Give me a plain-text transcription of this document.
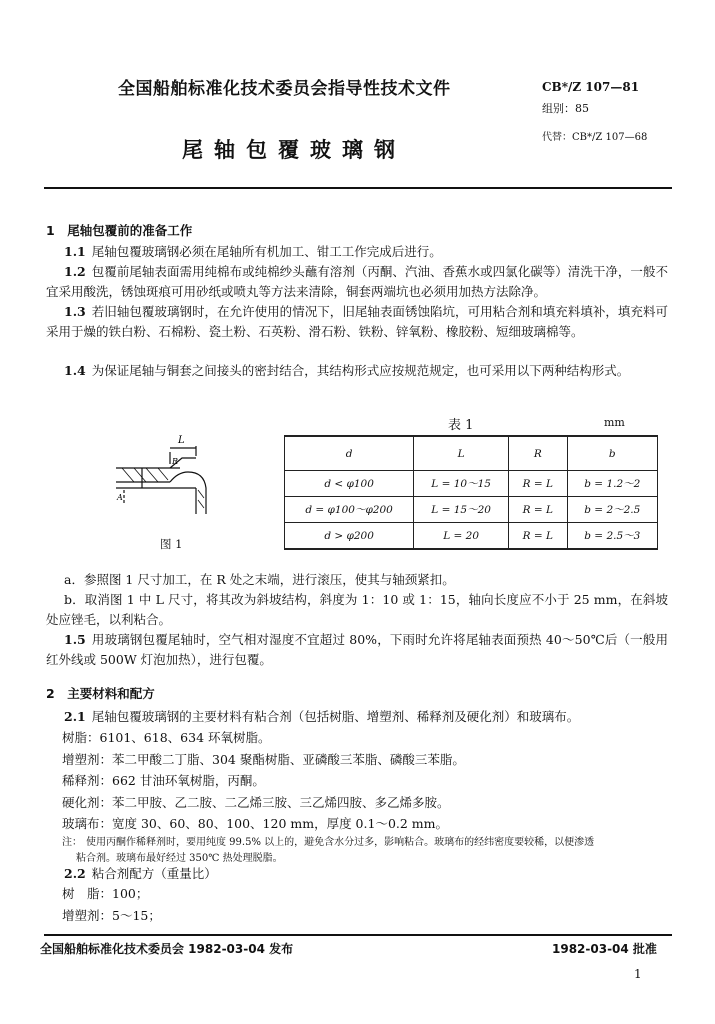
全国船舶标准化技术委员会指导性技术文件	CB*/Z 107—81
组别：85
代替：CB*/Z 107—68
尾轴包覆玻璃钢
1　尾轴包覆前的准备工作
1.1 尾轴包覆玻璃钢必须在尾轴所有机加工、钳工工作完成后进行。
1.2 包覆前尾轴表面需用纯棉布或纯棉纱头蘸有溶剂（丙酮、汽油、香蕉水或四氯化碳等）清洗干净，一般不宜采用酸洗，锈蚀斑痕可用砂纸或喷丸等方法来清除，铜套两端坑也必须用加热方法除净。
1.3 若旧轴包覆玻璃钢时，在允许使用的情况下，旧尾轴表面锈蚀陷坑，可用粘合剂和填充料填补，填充料可采用于燥的铁白粉、石棉粉、瓷土粉、石英粉、滑石粉、铁粉、锌氧粉、橡胶粉、短细玻璃棉等。
1.4 为保证尾轴与铜套之间接头的密封结合，其结构形式应按规范规定，也可采用以下两种结构形式。
L
R
A
图 1
表 1	mm
d	L	R	b
d < φ100	L = 10～15	R = L	b = 1.2～2
d = φ100～φ200	L = 15～20	R = L	b = 2～2.5
d > φ200	L = 20	R = L	b = 2.5～3
a．参照图 1 尺寸加工，在 R 处之末端，进行滚压，使其与轴颈紧扣。
b．取消图 1 中 L 尺寸，将其改为斜坡结构，斜度为 1：10 或 1：15，轴向长度应不小于 25 mm，在斜坡处应锉毛，以利粘合。
1.5 用玻璃钢包覆尾轴时，空气相对湿度不宜超过 80%，下雨时允许将尾轴表面预热 40～50℃后（一般用红外线或 500W 灯泡加热），进行包覆。
2　主要材料和配方
2.1 尾轴包覆玻璃钢的主要材料有粘合剂（包括树脂、增塑剂、稀释剂及硬化剂）和玻璃布。
树脂：6101、618、634 环氧树脂。
增塑剂：苯二甲酸二丁脂、304 聚酯树脂、亚磷酸三苯脂、磷酸三苯脂。
稀释剂：662 甘油环氧树脂，丙酮。
硬化剂：苯二甲胺、乙二胺、二乙烯三胺、三乙烯四胺、多乙烯多胺。
玻璃布：宽度 30、60、80、100、120 mm，厚度 0.1～0.2 mm。
注： 使用丙酮作稀释剂时，要用纯度 99.5% 以上的，避免含水分过多，影响粘合。玻璃布的经纬密度要较稀，以便渗透
粘合剂。玻璃布最好经过 350℃ 热处理脱脂。
2.2 粘合剂配方（重量比）
树　脂：100；
增塑剂：5～15；
全国船舶标准化技术委员会 1982-03-04 发布	1982-03-04 批准
1
